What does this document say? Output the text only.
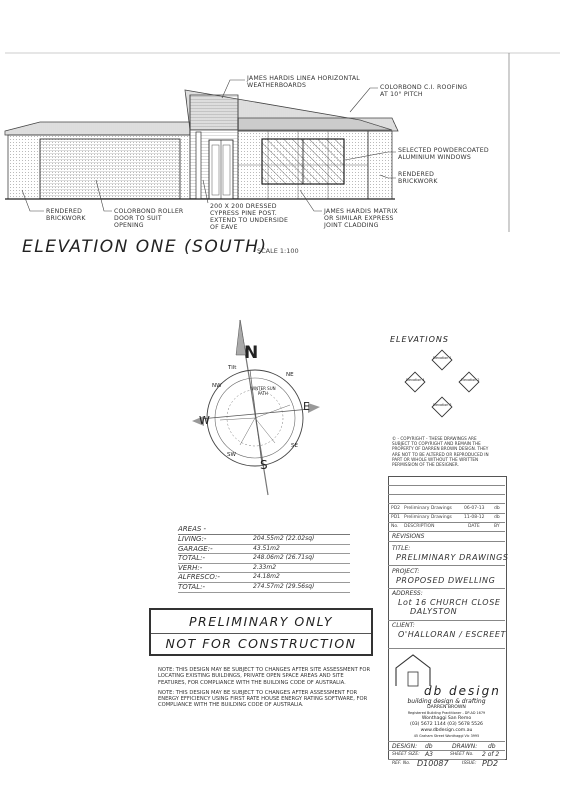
JAMES HARDIS LINEA HORIZONTAL
WEATHERBOARDS	COLORBOND C.I. ROOFING
AT 10° PITCH
SELECTED POWDERCOATED
ALUMINIUM WINDOWS
RENDERED
BRICKWORK
RENDERED
BRICKWORK
COLORBOND ROLLER
DOOR TO SUIT
OPENING
200 X 200 DRESSED
CYPRESS PINE POST.
EXTEND TO UNDERSIDE
OF EAVE
JAMES HARDIS MATRIX
OR SIMILAR EXPRESS
JOINT CLADDING
ELEVATION ONE (SOUTH)
SCALE 1:100
N
S
E
W
NW
NE
SW
SE
Tilt
WINTER SUN
PATH
ELEVATIONS
Elevation 1
Elevation 2
Elevation 3
Elevation 4
© - COPYRIGHT - THESE DRAWINGS ARE
SUBJECT TO COPYRIGHT AND REMAIN THE
PROPERTY OF DARREN BROWN DESIGN. THEY
ARE NOT TO BE ALTERED OR REPRODUCED IN
PART OR WHOLE WITHOUT THE WRITTEN
PERMISSION OF THE DESIGNER.
AREAS -
LIVING:-	204.55m2 (22.02sq)
GARAGE:-	43.51m2
TOTAL:-	248.06m2 (26.71sq)
VERH:-	2.33m2
ALFRESCO:-	24.18m2
TOTAL:-	274.57m2 (29.56sq)
PRELIMINARY ONLY
NOT FOR CONSTRUCTION

NOTE: THIS DESIGN MAY BE SUBJECT TO CHANGES AFTER SITE ASSESSMENT FOR LOCATING EXISTING BUILDINGS, PRIVATE OPEN SPACE AREAS AND SITE FEATURES, FOR COMPLIANCE WITH THE BUILDING CODE OF AUSTRALIA.

NOTE: THIS DESIGN MAY BE SUBJECT TO CHANGES AFTER ASSESSMENT FOR ENERGY EFFICIENCY USING FIRST RATE HOUSE ENERGY RATING SOFTWARE, FOR COMPLIANCE WITH THE BUILDING CODE OF AUSTRALIA.

PD2 Preliminary Drawings	06-07-13 db
PD1 Preliminary Drawings	11-08-12 db
No. DESCRIPTION	DATE	BY
REVISIONS
TITLE:
PRELIMINARY DRAWINGS
PROJECT:
PROPOSED DWELLING
ADDRESS:
Lot 16 CHURCH CLOSE
DALYSTON
CLIENT:
O'HALLORAN / ESCREET
db design
building design & drafting
DARREN BROWN
Registered Building Practitioner - DP-AD 1679
Wonthaggi San Remo
(03) 5672 1144 (03) 5678 5526
www.dbdesign.com.au
45 Graham Street Wonthaggi Vic 3995
DESIGN: db	DRAWN: db
SHEET SIZE: A3	SHEET No. 2 of 2
REF. No. D10087	ISSUE: PD2
